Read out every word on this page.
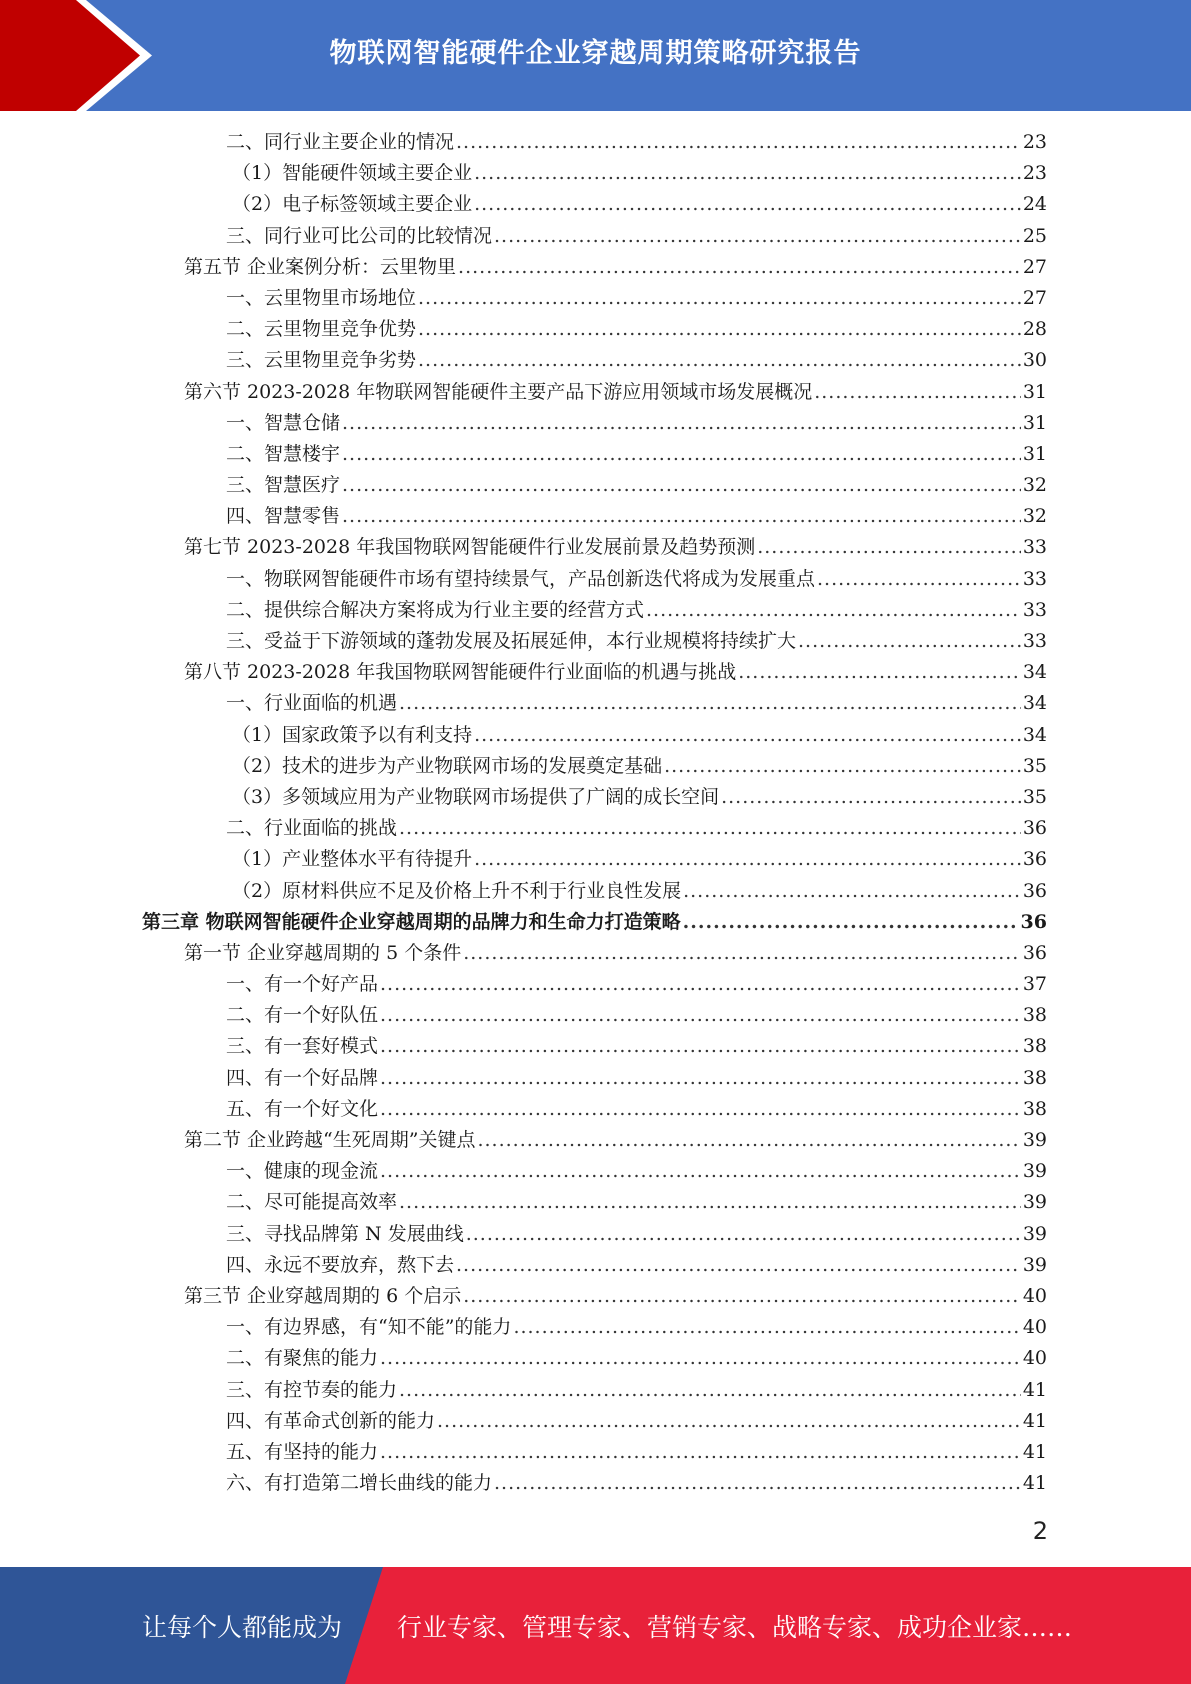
物联网智能硬件企业穿越周期策略研究报告
二、同行业主要企业的情况 .....	23
（1）智能硬件领域主要企业 .....	23
（2）电子标签领域主要企业 .....	24
三、同行业可比公司的比较情况 .....	25
第五节 企业案例分析：云里物里 .....	27
一、云里物里市场地位 .....	27
二、云里物里竞争优势 .....	28
三、云里物里竞争劣势 .....	30
第六节 2023-2028 年物联网智能硬件主要产品下游应用领域市场发展概况 .....	31
一、智慧仓储 .....	31
二、智慧楼宇 .....	31
三、智慧医疗 .....	32
四、智慧零售 .....	32
第七节 2023-2028 年我国物联网智能硬件行业发展前景及趋势预测 .....	33
一、物联网智能硬件市场有望持续景气，产品创新迭代将成为发展重点 .....	33
二、提供综合解决方案将成为行业主要的经营方式 .....	33
三、受益于下游领域的蓬勃发展及拓展延伸，本行业规模将持续扩大 .....	33
第八节 2023-2028 年我国物联网智能硬件行业面临的机遇与挑战 .....	34
一、行业面临的机遇 .....	34
（1）国家政策予以有利支持 .....	34
（2）技术的进步为产业物联网市场的发展奠定基础 .....	35
（3）多领域应用为产业物联网市场提供了广阔的成长空间 .....	35
二、行业面临的挑战 .....	36
（1）产业整体水平有待提升 .....	36
（2）原材料供应不足及价格上升不利于行业良性发展 .....	36
第三章 物联网智能硬件企业穿越周期的品牌力和生命力打造策略 .....	36
第一节 企业穿越周期的 5 个条件 .....	36
一、有一个好产品 .....	37
二、有一个好队伍 .....	38
三、有一套好模式 .....	38
四、有一个好品牌 .....	38
五、有一个好文化 .....	38
第二节 企业跨越“生死周期”关键点 .....	39
一、健康的现金流 .....	39
二、尽可能提高效率 .....	39
三、寻找品牌第 N 发展曲线 .....	39
四、永远不要放弃，熬下去 .....	39
第三节 企业穿越周期的 6 个启示 .....	40
一、有边界感，有“知不能”的能力 .....	40
二、有聚焦的能力 .....	40
三、有控节奏的能力 .....	41
四、有革命式创新的能力 .....	41
五、有坚持的能力 .....	41
六、有打造第二增长曲线的能力 .....	41
2
让每个人都能成为 行业专家、管理专家、营销专家、战略专家、成功企业家……
